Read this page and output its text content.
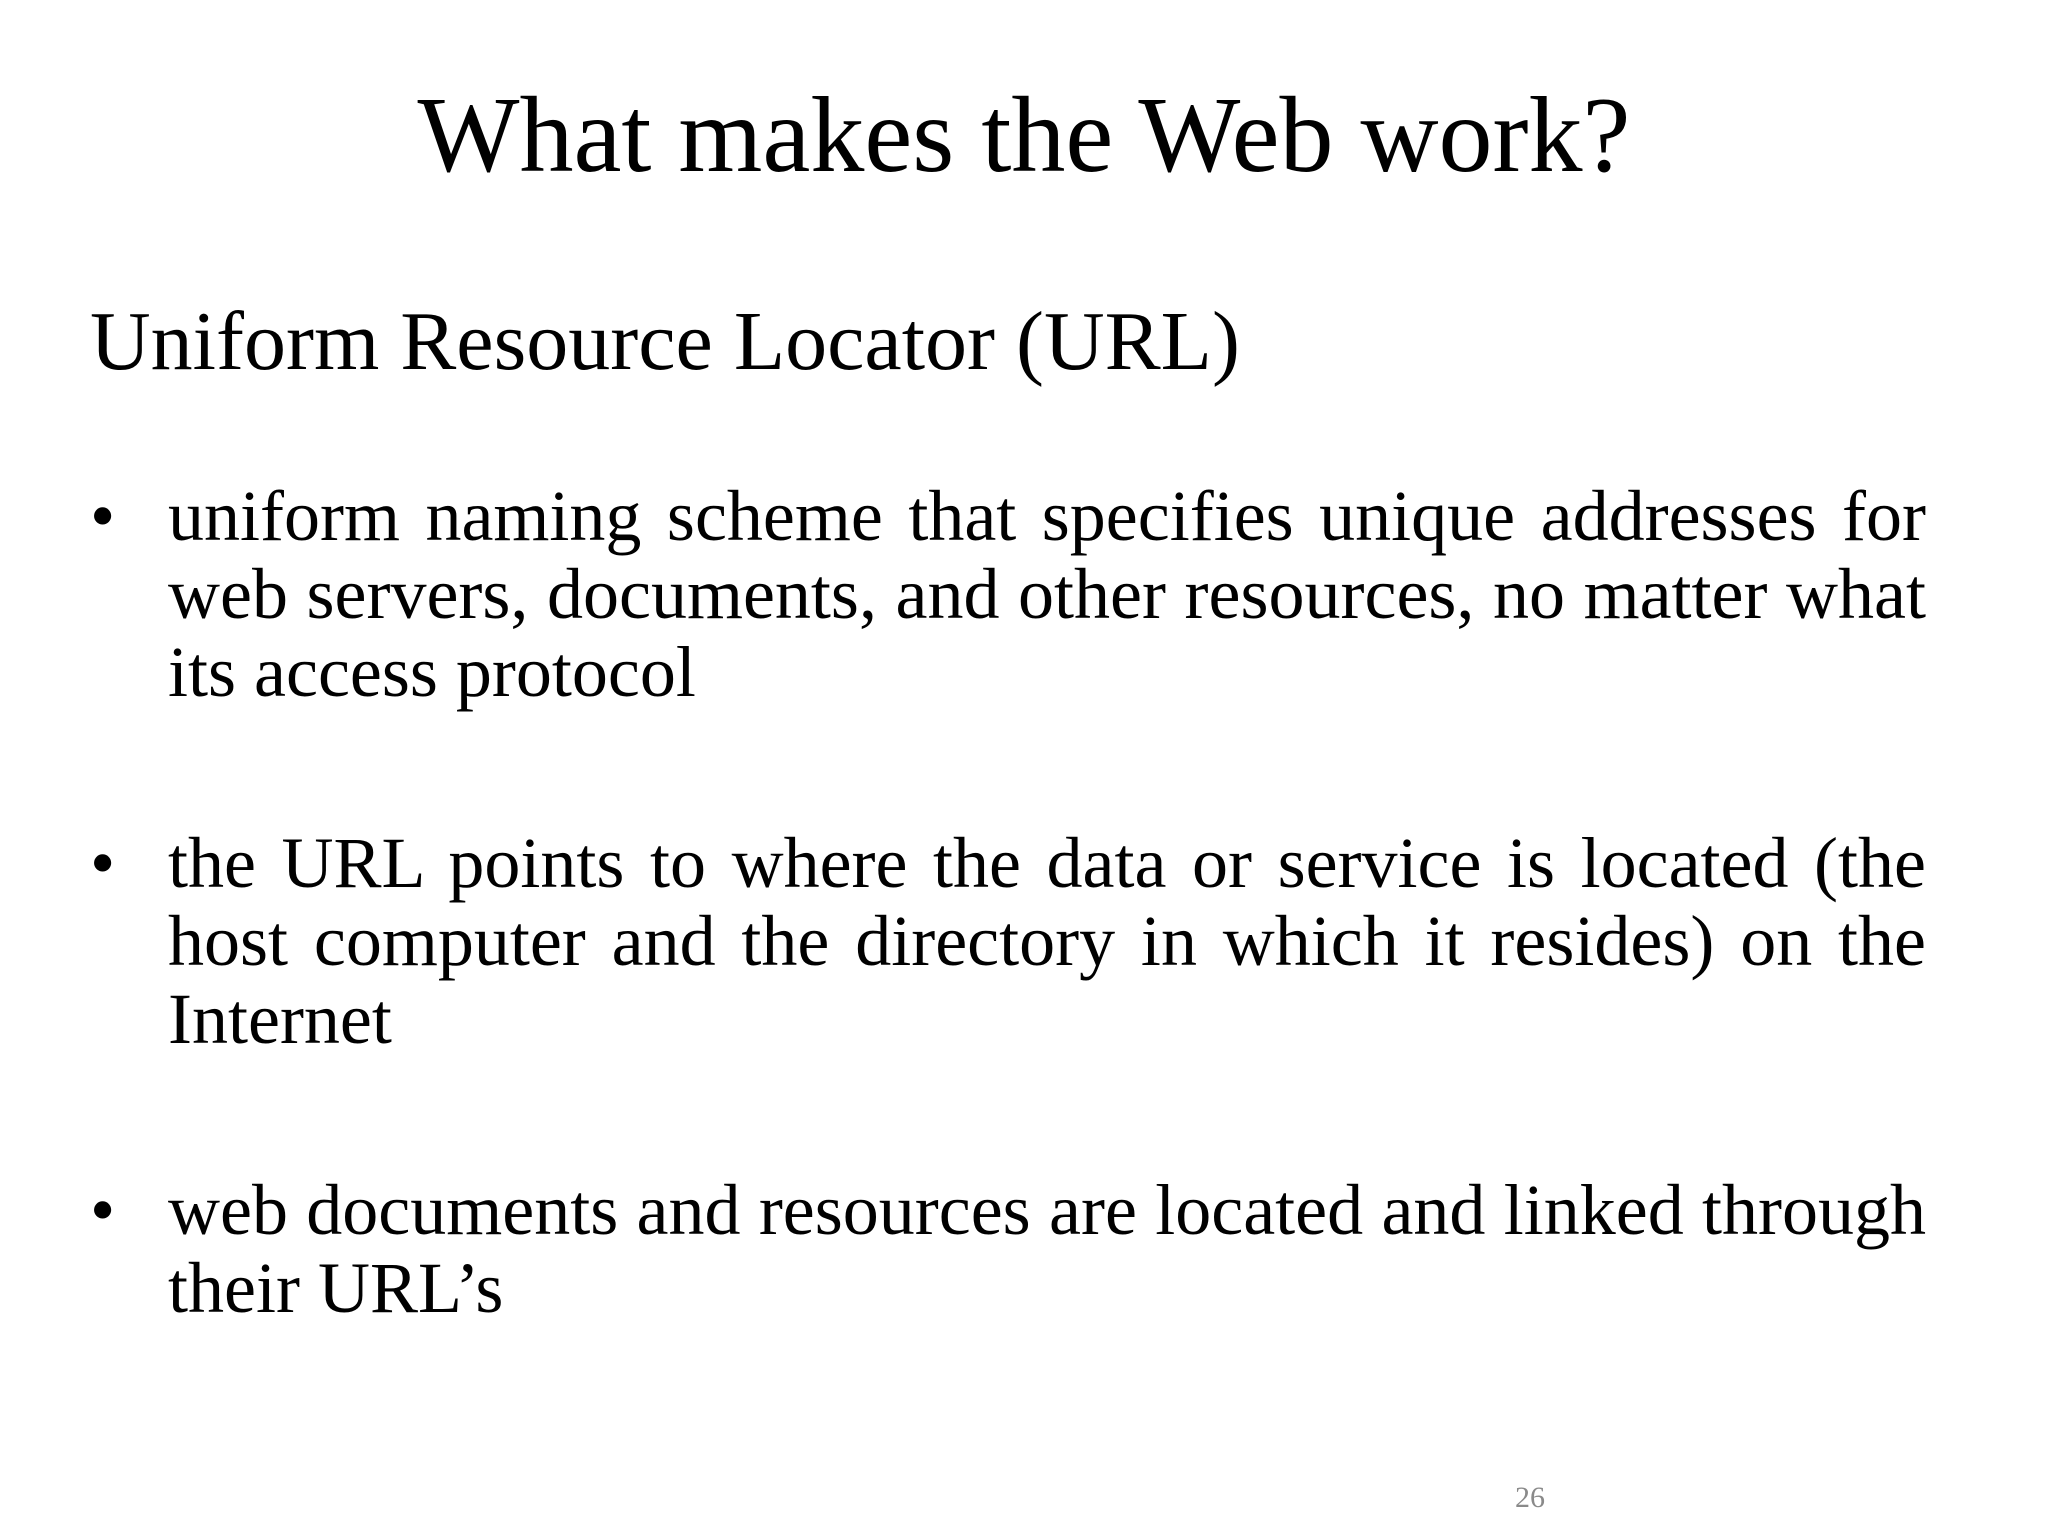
What makes the Web work?
Uniform Resource Locator (URL)
• uniform naming scheme that specifies unique addresses for web servers, documents, and other resources, no matter what its access protocol
• the URL points to where the data or service is located (the host computer and the directory in which it resides) on the Internet
• web documents and resources are located and linked through their URL’s
26
